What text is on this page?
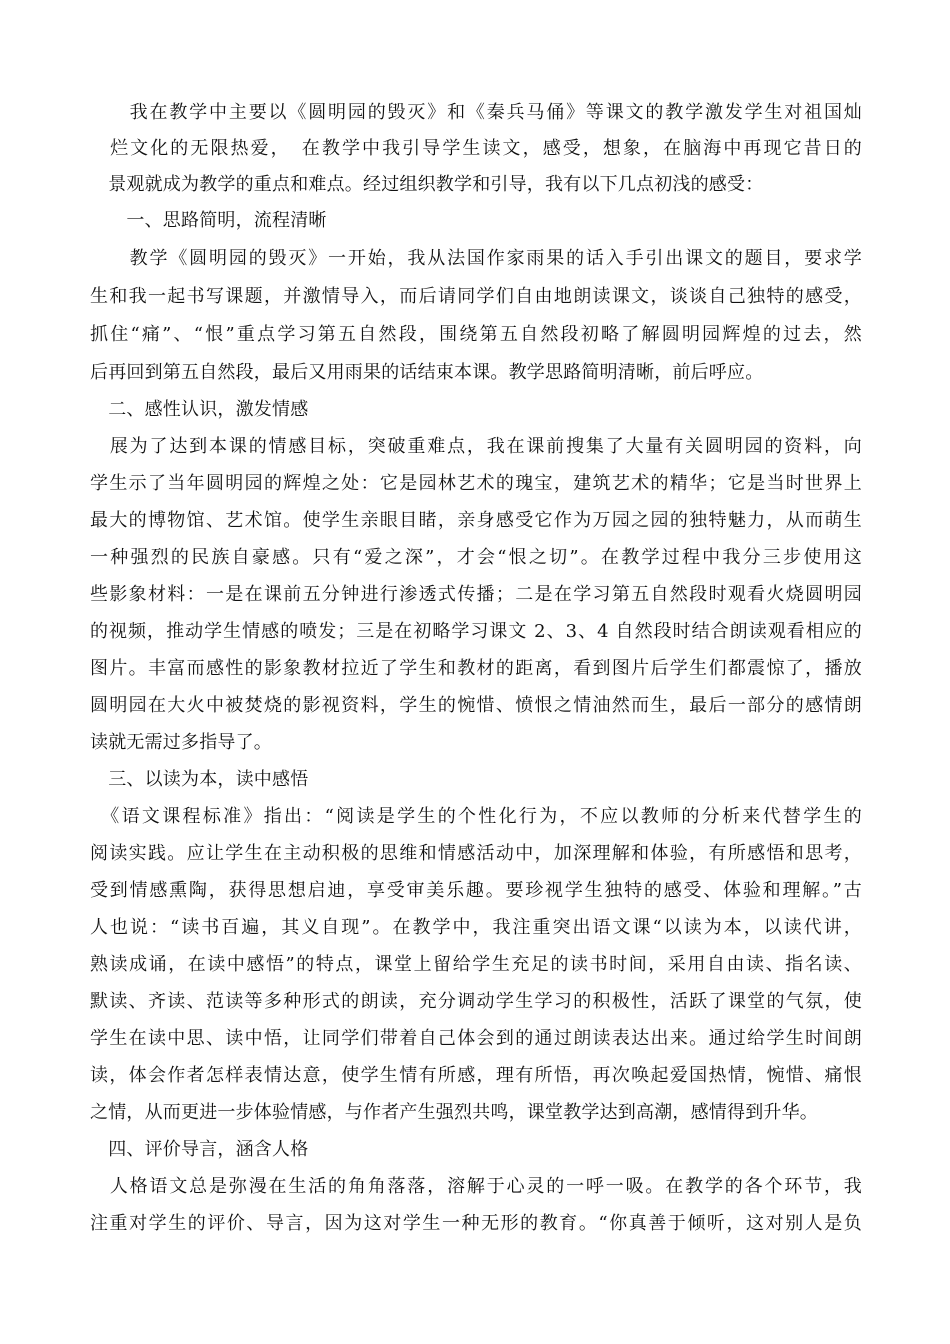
　　我在教学中主要以《圆明园的毁灭》和《秦兵马俑》等课文的教学激发学生对祖国灿
　烂文化的无限热爱，　在教学中我引导学生读文，感受，想象，在脑海中再现它昔日的
　景观就成为教学的重点和难点。经过组织教学和引导，我有以下几点初浅的感受：
　　一、思路简明，流程清晰
　　教学《圆明园的毁灭》一开始，我从法国作家雨果的话入手引出课文的题目，要求学
生和我一起书写课题，并激情导入，而后请同学们自由地朗读课文，谈谈自己独特的感受，
抓住“痛”、“恨”重点学习第五自然段，围绕第五自然段初略了解圆明园辉煌的过去，然
后再回到第五自然段，最后又用雨果的话结束本课。教学思路简明清晰，前后呼应。
　二、感性认识，激发情感
　展为了达到本课的情感目标，突破重难点，我在课前搜集了大量有关圆明园的资料，向
学生示了当年圆明园的辉煌之处：它是园林艺术的瑰宝，建筑艺术的精华；它是当时世界上
最大的博物馆、艺术馆。使学生亲眼目睹，亲身感受它作为万园之园的独特魅力，从而萌生
一种强烈的民族自豪感。只有“爱之深”，才会“恨之切”。在教学过程中我分三步使用这
些影象材料：一是在课前五分钟进行渗透式传播；二是在学习第五自然段时观看火烧圆明园
的视频，推动学生情感的喷发；三是在初略学习课文 2、3、4 自然段时结合朗读观看相应的
图片。丰富而感性的影象教材拉近了学生和教材的距离，看到图片后学生们都震惊了，播放
圆明园在大火中被焚烧的影视资料，学生的惋惜、愤恨之情油然而生，最后一部分的感情朗
读就无需过多指导了。
　三、以读为本，读中感悟
　《语文课程标准》指出：“阅读是学生的个性化行为，不应以教师的分析来代替学生的
阅读实践。应让学生在主动积极的思维和情感活动中，加深理解和体验，有所感悟和思考，
受到情感熏陶，获得思想启迪，享受审美乐趣。要珍视学生独特的感受、体验和理解。”古
人也说：“读书百遍，其义自现”。在教学中，我注重突出语文课“以读为本，以读代讲，
熟读成诵，在读中感悟”的特点，课堂上留给学生充足的读书时间，采用自由读、指名读、
默读、齐读、范读等多种形式的朗读，充分调动学生学习的积极性，活跃了课堂的气氛，使
学生在读中思、读中悟，让同学们带着自己体会到的通过朗读表达出来。通过给学生时间朗
读，体会作者怎样表情达意，使学生情有所感，理有所悟，再次唤起爱国热情，惋惜、痛恨
之情，从而更进一步体验情感，与作者产生强烈共鸣，课堂教学达到高潮，感情得到升华。
　四、评价导言，涵含人格
　人格语文总是弥漫在生活的角角落落，溶解于心灵的一呼一吸。在教学的各个环节，我
注重对学生的评价、导言，因为这对学生一种无形的教育。“你真善于倾听，这对别人是负
